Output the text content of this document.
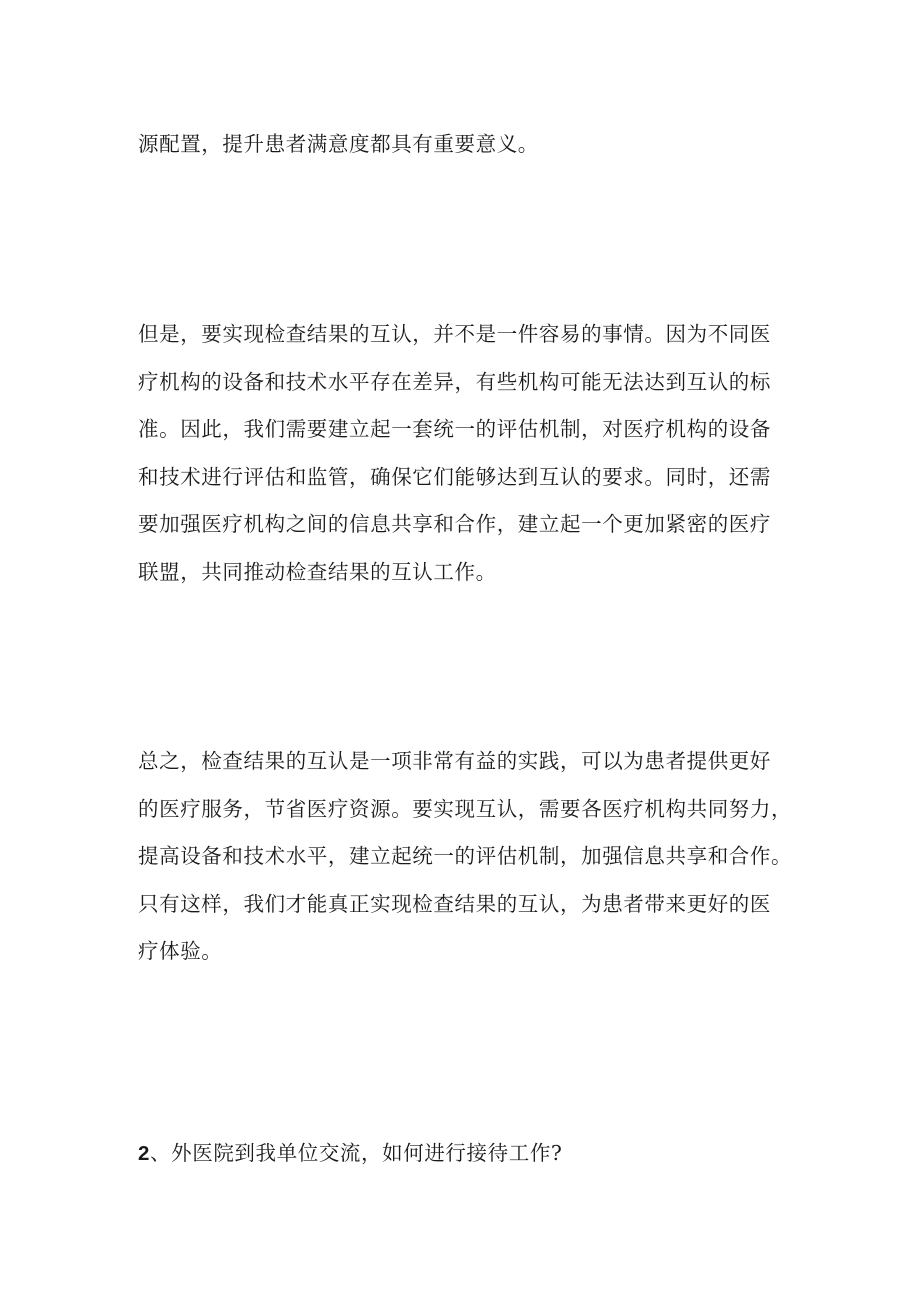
源配置，提升患者满意度都具有重要意义。

但是，要实现检查结果的互认，并不是一件容易的事情。因为不同医
疗机构的设备和技术水平存在差异，有些机构可能无法达到互认的标
准。因此，我们需要建立起一套统一的评估机制，对医疗机构的设备
和技术进行评估和监管，确保它们能够达到互认的要求。同时，还需
要加强医疗机构之间的信息共享和合作，建立起一个更加紧密的医疗
联盟，共同推动检查结果的互认工作。

总之，检查结果的互认是一项非常有益的实践，可以为患者提供更好
的医疗服务，节省医疗资源。要实现互认，需要各医疗机构共同努力，
提高设备和技术水平，建立起统一的评估机制，加强信息共享和合作。
只有这样，我们才能真正实现检查结果的互认，为患者带来更好的医
疗体验。

2、外医院到我单位交流，如何进行接待工作?
